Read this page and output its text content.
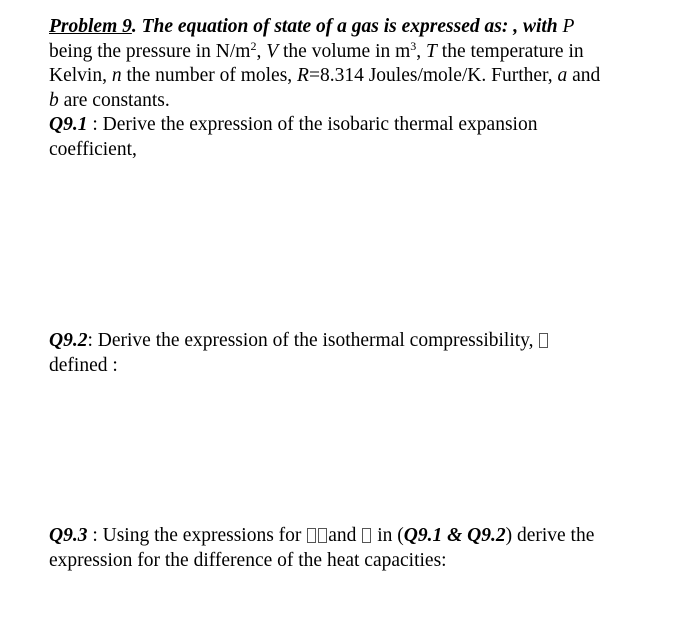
Problem 9. The equation of state of a gas is expressed as: , with P
being the pressure in $N/m^2$, V the volume in $m^3$, T the temperature in
Kelvin, n the number of moles, R=8.314 Joules/mole/K. Further, a and
b are constants.
Q9.1 : Derive the expression of the isobaric thermal expansion
coefficient,
Q9.2: Derive the expression of the isothermal compressibility,
defined :
Q9.3 : Using the expressions for and  in (Q9.1 & Q9.2) derive the
expression for the difference of the heat capacities:
